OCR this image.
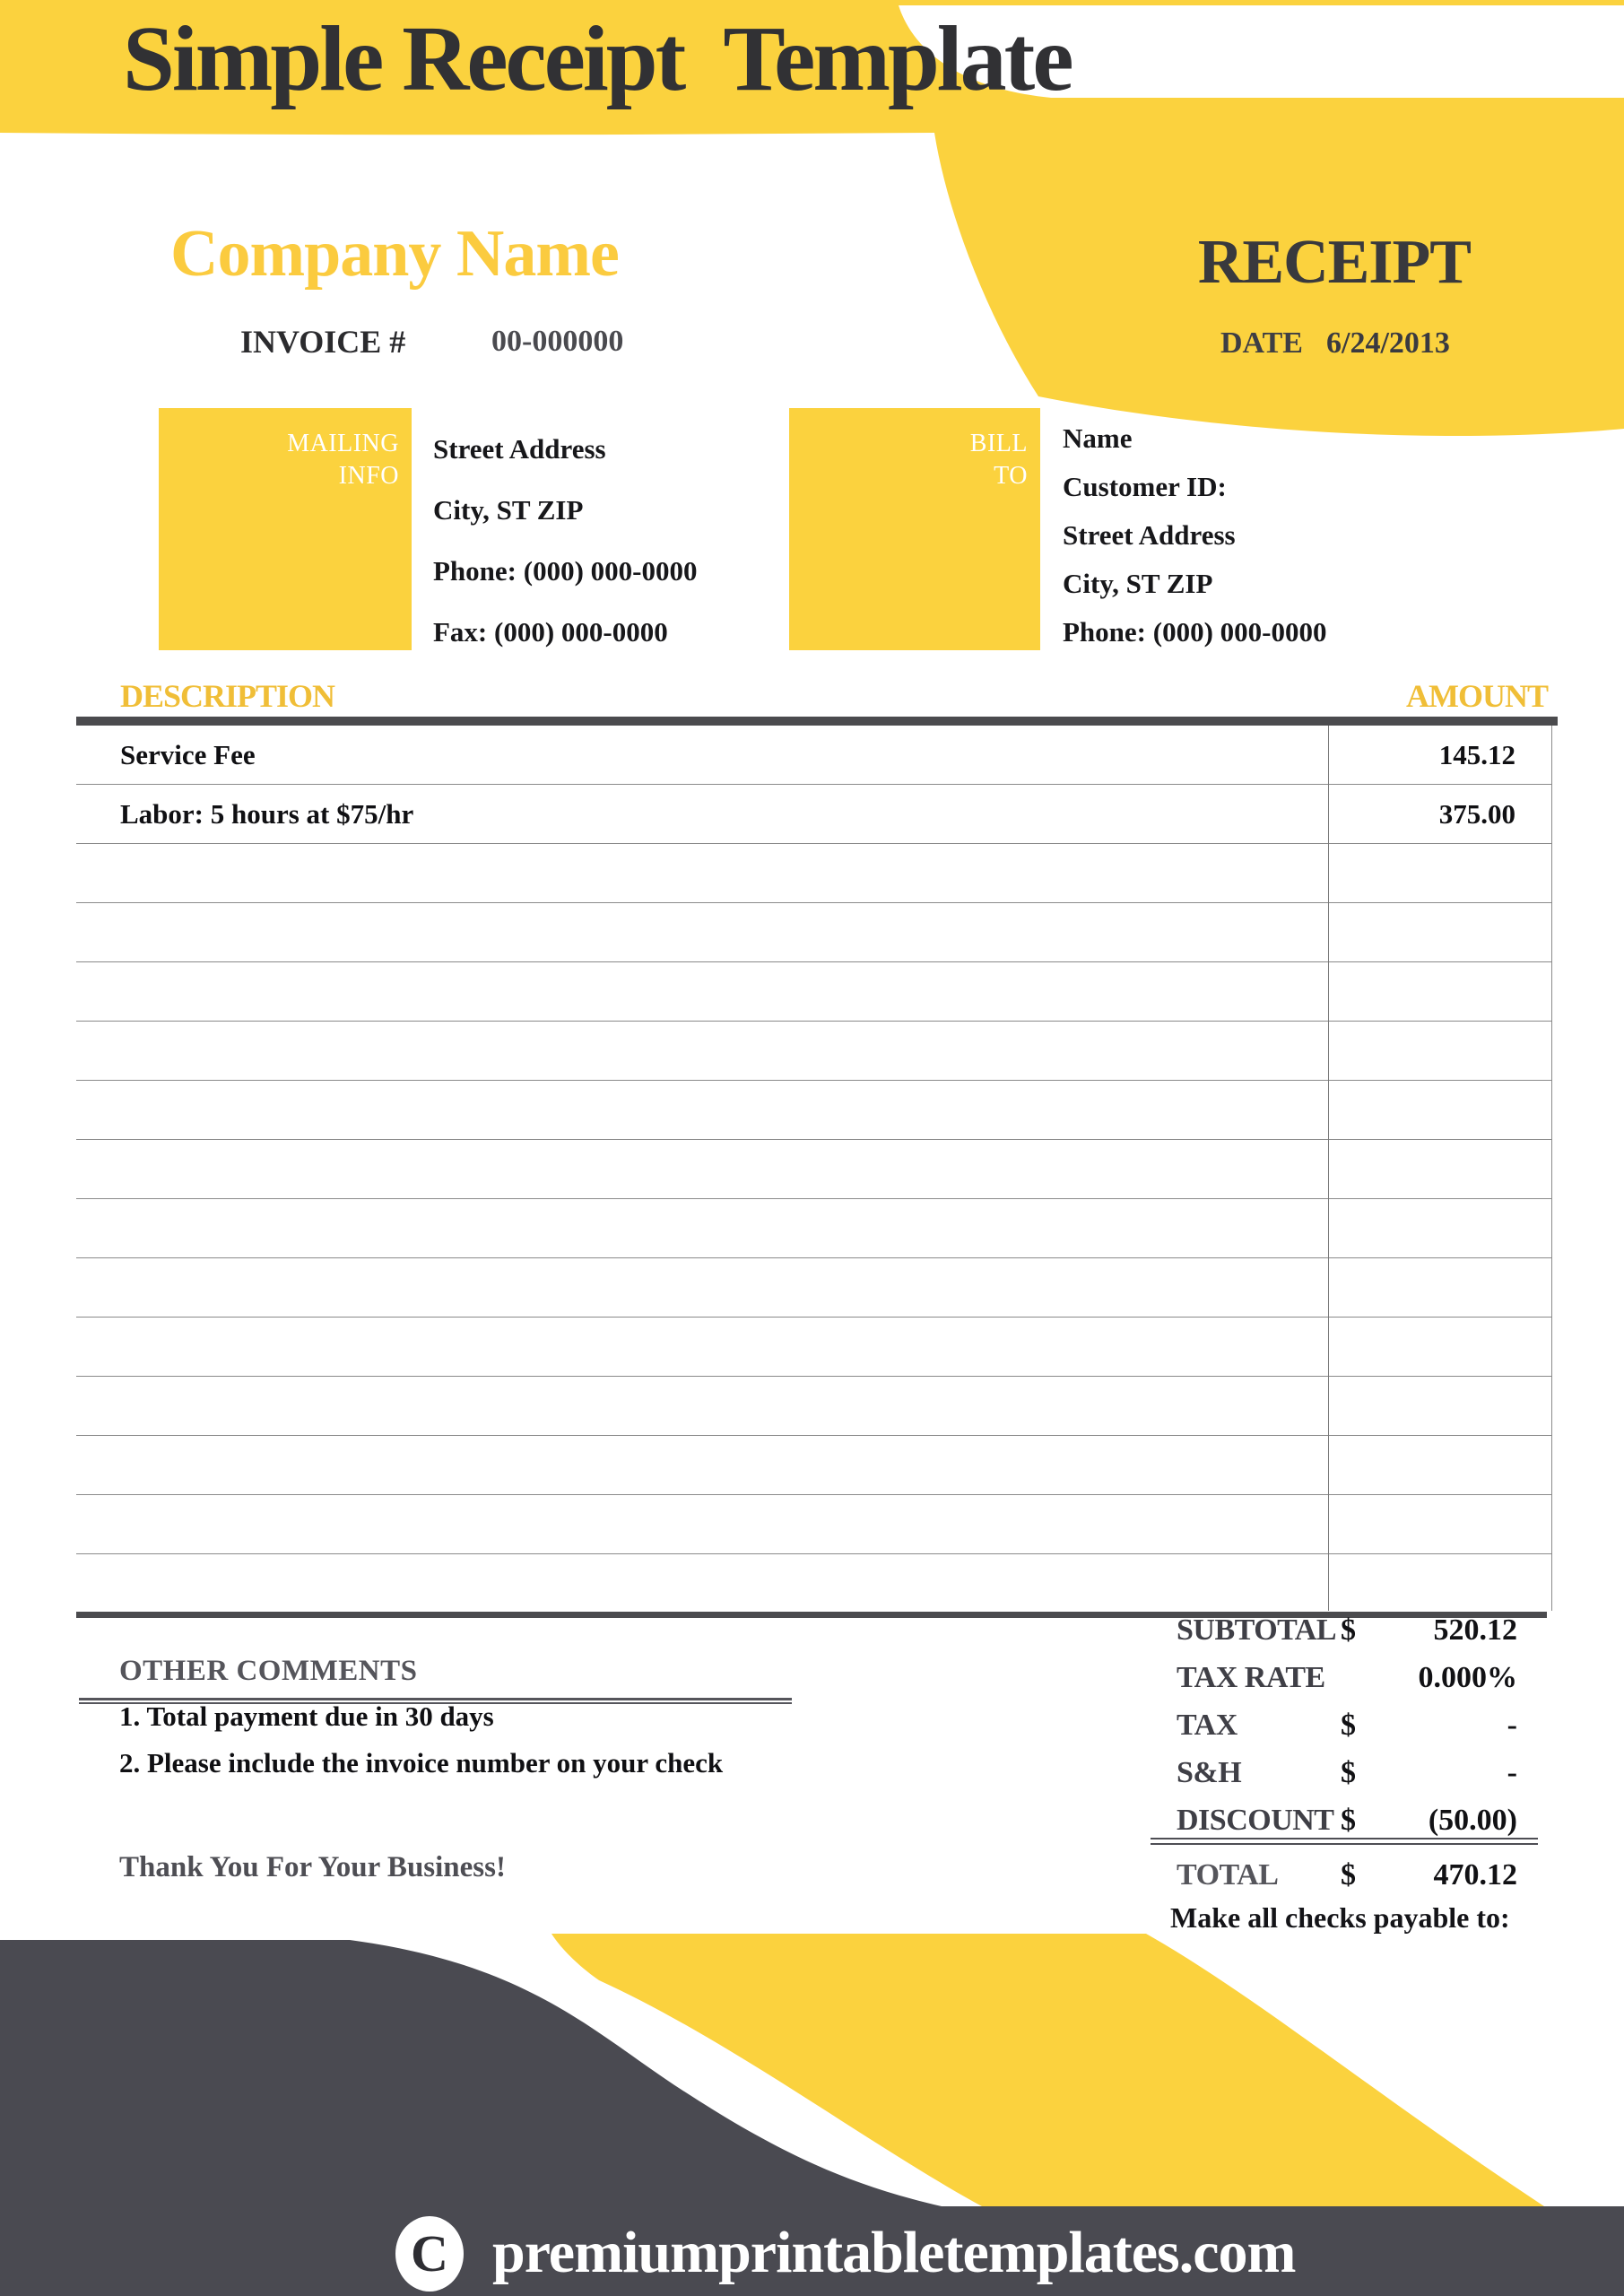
Simple Receipt  Template
Company Name	RECEIPT
INVOICE #	00-000000	DATE 6/24/2013
MAILING
INFO
Street Address
City, ST ZIP
Phone: (000) 000-0000
Fax: (000) 000-0000
BILL
TO
Name
Customer ID:
Street Address
City, ST ZIP
Phone: (000) 000-0000
DESCRIPTION	AMOUNT
Service Fee	145.12
Labor: 5 hours at $75/hr	375.00
OTHER COMMENTS
1. Total payment due in 30 days
2. Please include the invoice number on your check
Thank You For Your Business!
SUBTOTAL $	520.12
TAX RATE	0.000%
TAX	$	-
S&H	$	-
DISCOUNT $ (50.00)
TOTAL $	470.12
Make all checks payable to:
C premiumprintabletemplates.com
